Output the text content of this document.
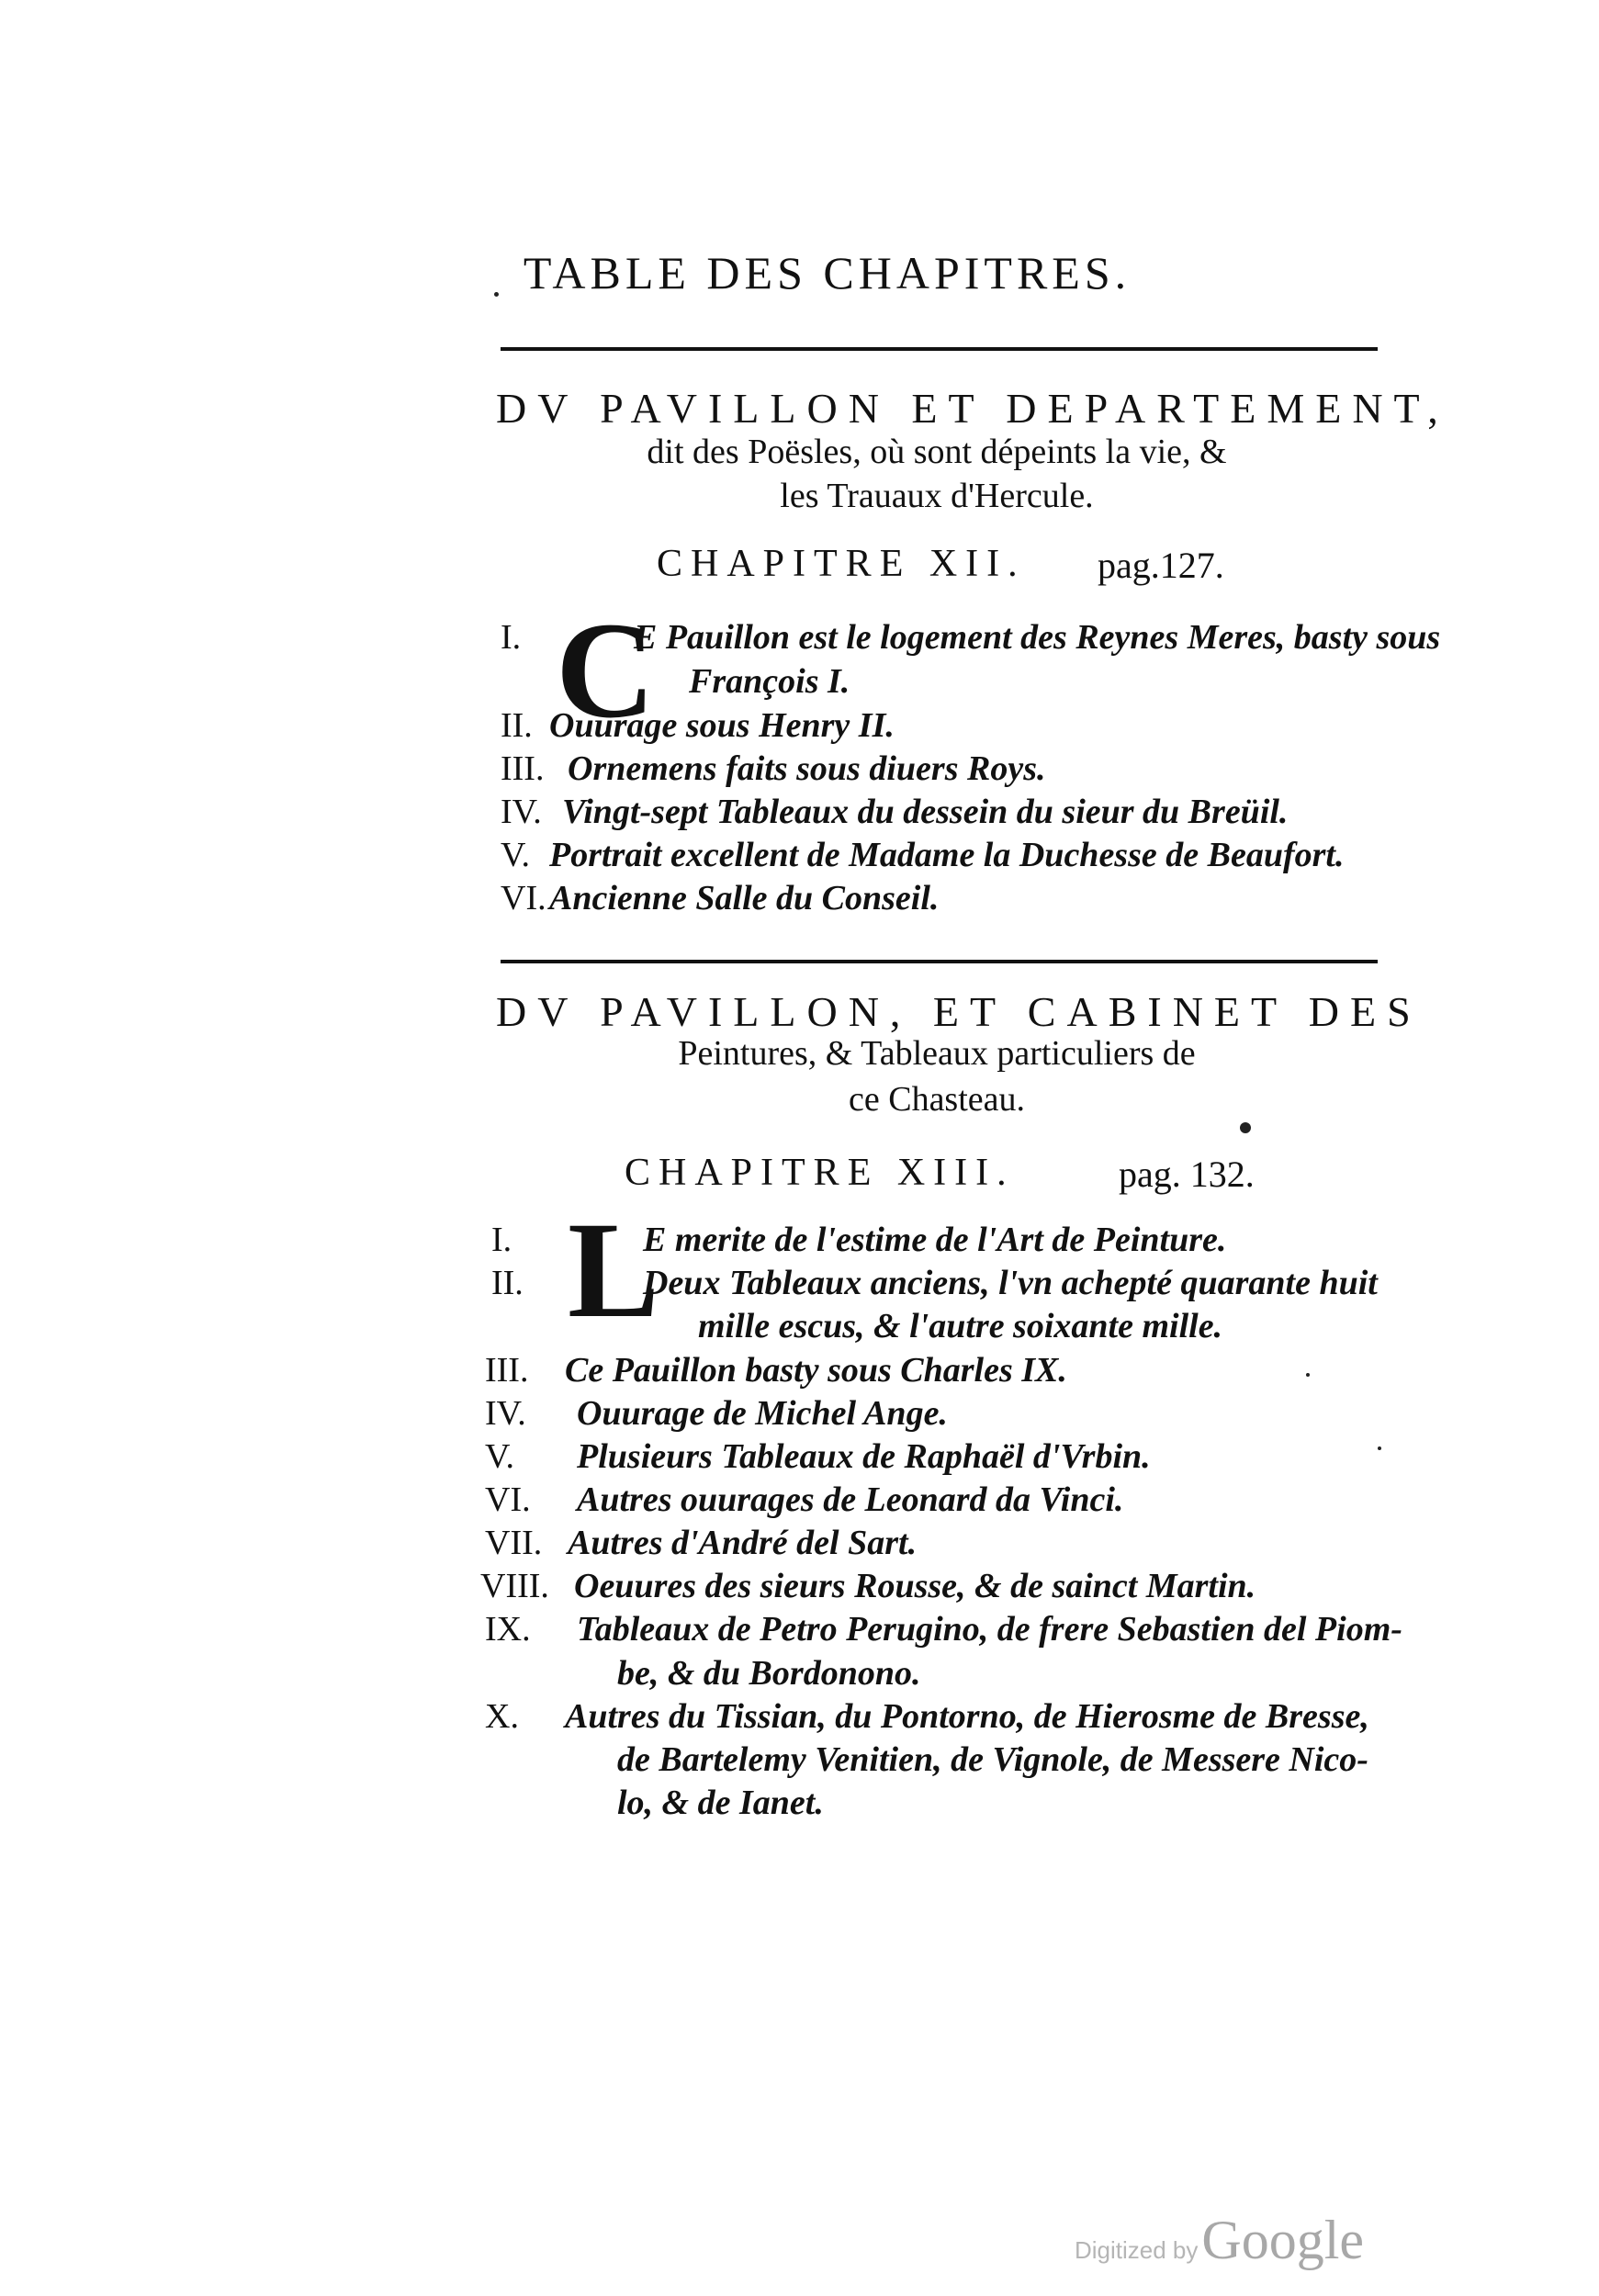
TABLE DES CHAPITRES.
DV PAVILLON ET DEPARTEMENT,
dit des Poësles, où sont dépeints la vie, &
les Trauaux d'Hercule.
CHAPITRE XII. pag.127.
I. C
E Pauillon est le logement des Reynes Meres, basty sous
François I.
II. Ouurage sous Henry II.
III. Ornemens faits sous diuers Roys.
IV. Vingt-sept Tableaux du dessein du sieur du Breüil.
V. Portrait excellent de Madame la Duchesse de Beaufort.
VI. Ancienne Salle du Conseil.
DV PAVILLON, ET CABINET DES
Peintures, & Tableaux particuliers de
ce Chasteau.
CHAPITRE XIII.	pag. 132.
I. L
E merite de l'estime de l'Art de Peinture.
II.	Deux Tableaux anciens, l'vn achepté quarante huit
mille escus, & l'autre soixante mille.
III. Ce Pauillon basty sous Charles IX.
IV. Ouurage de Michel Ange.
V. Plusieurs Tableaux de Raphaël d'Vrbin.
VI. Autres ouurages de Leonard da Vinci.
VII. Autres d'André del Sart.
VIII. Oeuures des sieurs Rousse, & de sainct Martin.
IX. Tableaux de Petro Perugino, de frere Sebastien del Piom-
be, & du Bordonono.
X. Autres du Tissian, du Pontorno, de Hierosme de Bresse,
de Bartelemy Venitien, de Vignole, de Messere Nico-
lo, & de Ianet.
Digitized by Google
